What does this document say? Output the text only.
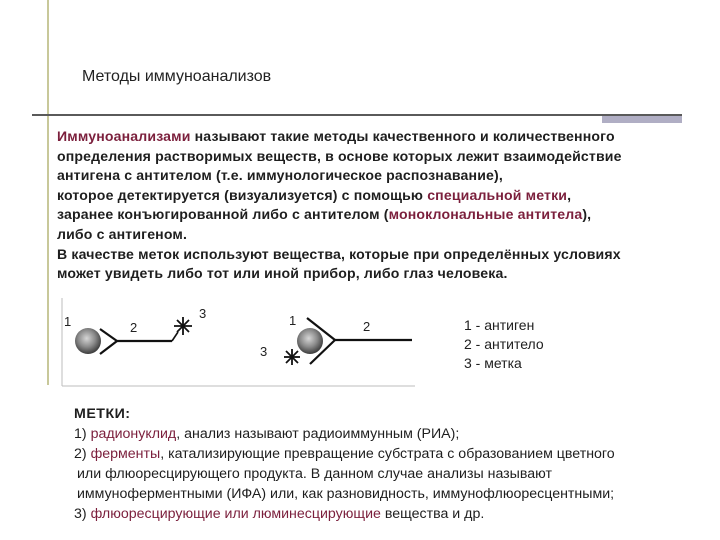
Методы иммуноанализов
Иммуноанализами называют такие методы качественного и количественного
определения растворимых веществ, в основе которых лежит взаимодействие
антигена с антителом (т.е. иммунологическое распознавание),
которое детектируется (визуализуется) с помощью специальной метки,
заранее конъюгированной либо с антителом (моноклональные антитела),
либо с антигеном.
В качестве меток используют вещества, которые при определённых условиях
может увидеть либо тот или иной прибор, либо глаз человека.
1	2
3	1	2
3
1 - антиген
2 - антитело
3 - метка
МЕТКИ:
1) радионуклид, анализ называют радиоиммунным (РИА);
2) ферменты, катализирующие превращение субстрата с образованием цветного
или флюоресцирующего продукта. В данном случае анализы называют
иммуноферментными (ИФА) или, как разновидность, иммунофлюоресцентными;
3) флюоресцирующие или люминесцирующие вещества и др.
